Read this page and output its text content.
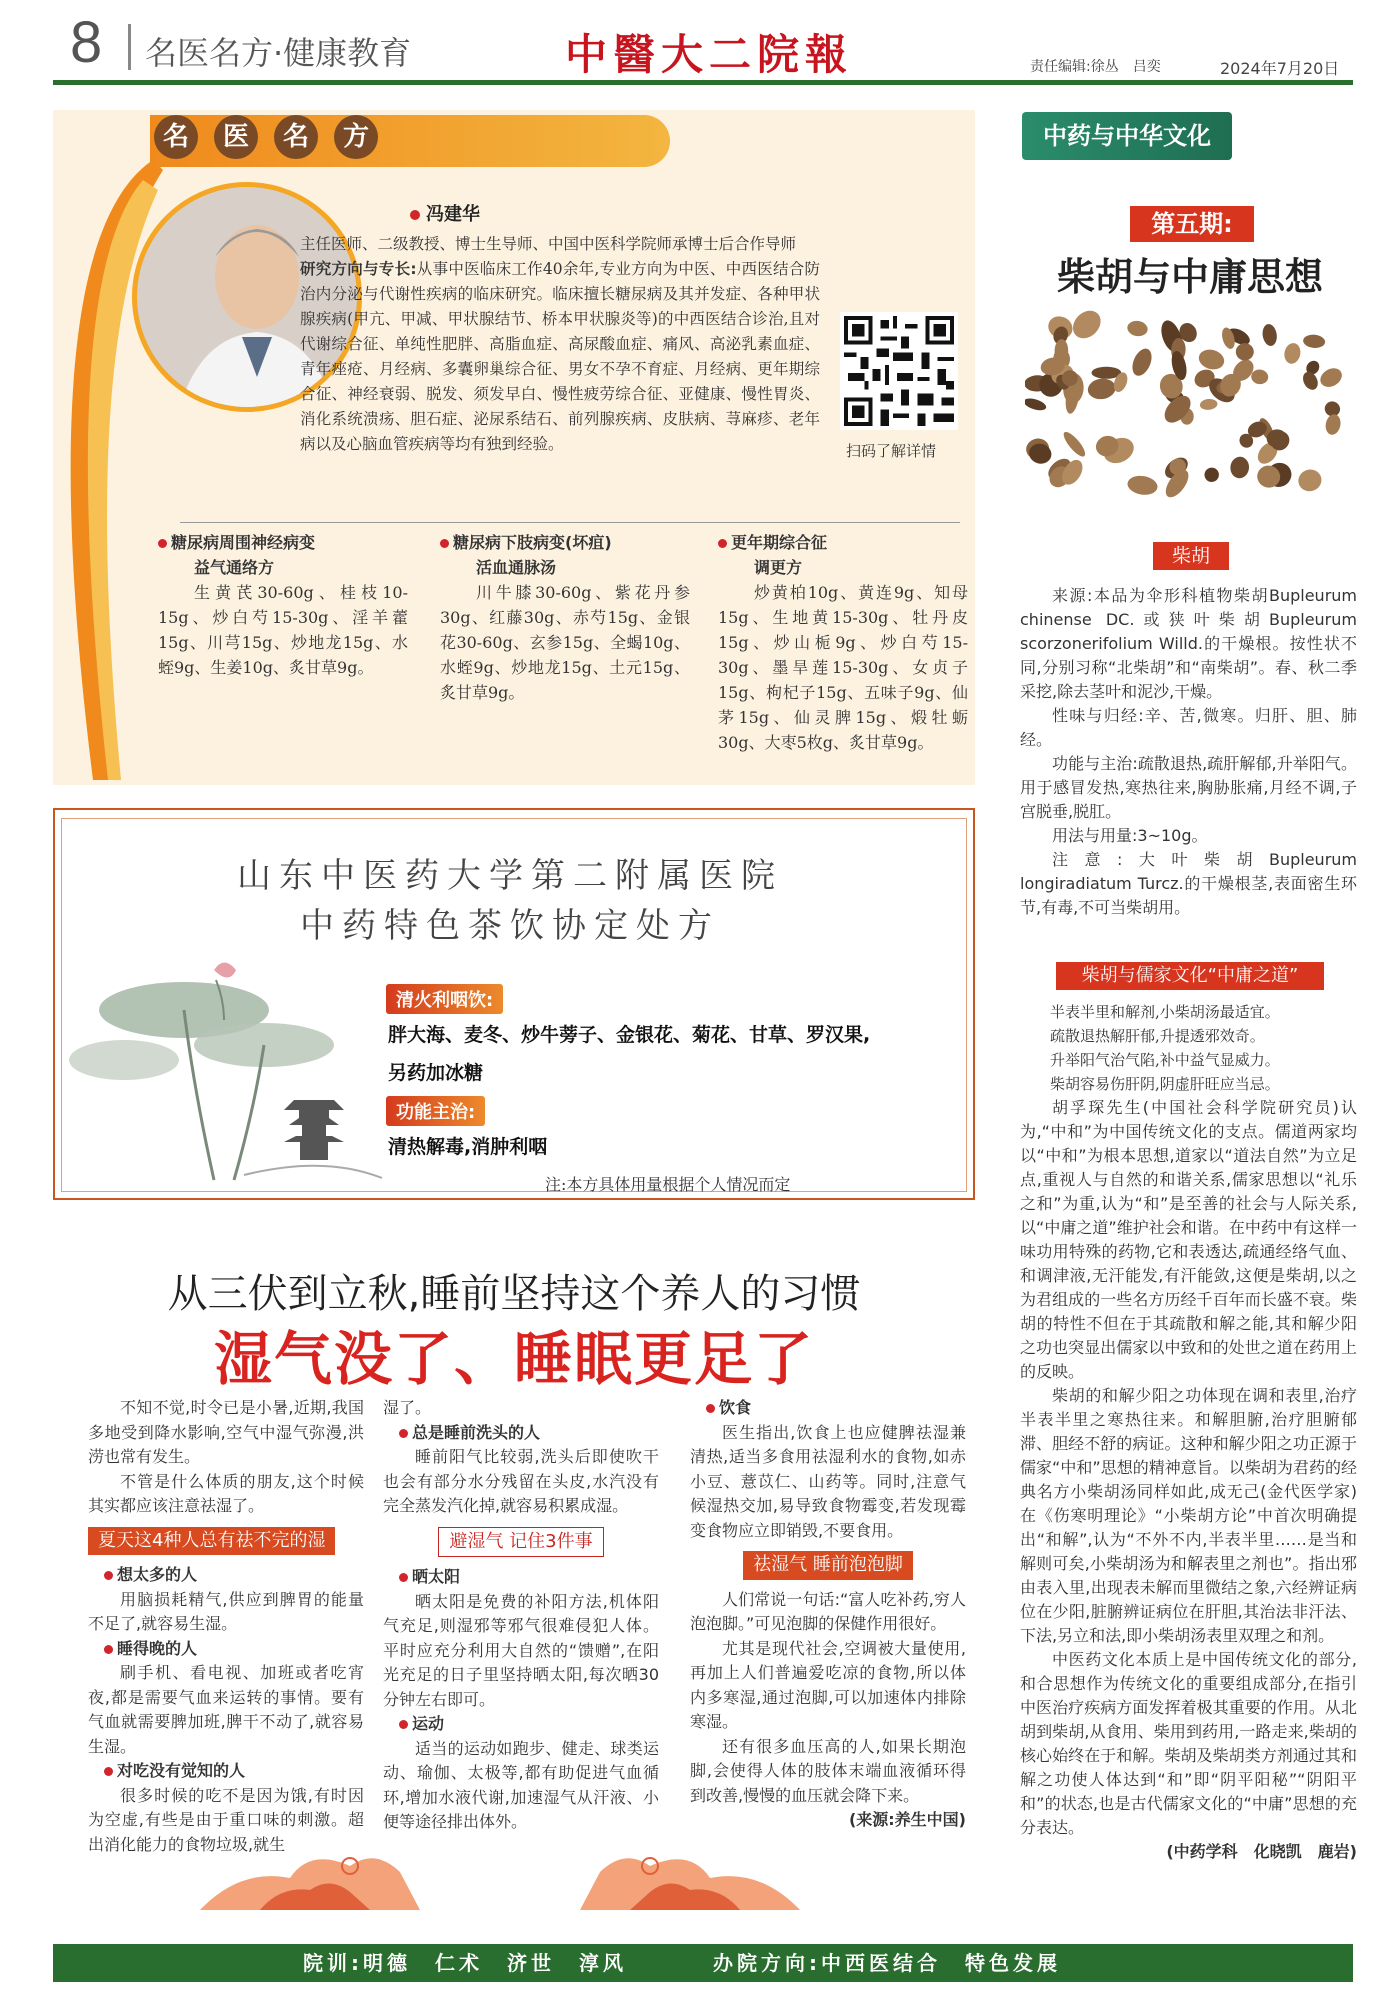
8 名医名方·健康教育	中醫大二院報	责任编辑:徐丛　吕奕	2024年7月20日
名	医	名	方
冯建华
主任医师、二级教授、博士生导师、中国中医科学院师承博士后合作导师
研究方向与专长:从事中医临床工作40余年,专业方向为中医、中西医结合防治内分泌与代谢性疾病的临床研究。临床擅长糖尿病及其并发症、各种甲状腺疾病(甲亢、甲减、甲状腺结节、桥本甲状腺炎等)的中西医结合诊治,且对代谢综合征、单纯性肥胖、高脂血症、高尿酸血症、痛风、高泌乳素血症、青年痤疮、月经病、多囊卵巢综合征、男女不孕不育症、月经病、更年期综合征、神经衰弱、脱发、须发早白、慢性疲劳综合征、亚健康、慢性胃炎、消化系统溃疡、胆石症、泌尿系结石、前列腺疾病、皮肤病、荨麻疹、老年病以及心脑血管疾病等均有独到经验。	扫码了解详情
糖尿病周围神经病变
益气通络方
生黄芪30-60g、桂枝10-15g、炒白芍15-30g、淫羊藿15g、川芎15g、炒地龙15g、水蛭9g、生姜10g、炙甘草9g。
糖尿病下肢病变(坏疽)
活血通脉汤
川牛膝30-60g、紫花丹参30g、红藤30g、赤芍15g、金银花30-60g、玄参15g、全蝎10g、水蛭9g、炒地龙15g、土元15g、炙甘草9g。
更年期综合征
调更方
炒黄柏10g、黄连9g、知母15g、生地黄15-30g、牡丹皮15g、炒山栀9g、炒白芍15-30g、墨旱莲15-30g、女贞子15g、枸杞子15g、五味子9g、仙茅15g、仙灵脾15g、煅牡蛎30g、大枣5枚g、炙甘草9g。
山东中医药大学第二附属医院
中药特色茶饮协定处方
清火利咽饮:
胖大海、麦冬、炒牛蒡子、金银花、菊花、甘草、罗汉果,
另药加冰糖
功能主治:
清热解毒,消肿利咽
注:本方具体用量根据个人情况而定
从三伏到立秋,睡前坚持这个养人的习惯
湿气没了、睡眠更足了

不知不觉,时令已是小暑,近期,我国多地受到降水影响,空气中湿气弥漫,洪涝也常有发生。

不管是什么体质的朋友,这个时候其实都应该注意祛湿了。

夏天这4种人总有祛不完的湿

想太多的人

用脑损耗精气,供应到脾胃的能量不足了,就容易生湿。

睡得晚的人

刷手机、看电视、加班或者吃宵夜,都是需要气血来运转的事情。要有气血就需要脾加班,脾干不动了,就容易生湿。

对吃没有觉知的人

很多时候的吃不是因为饿,有时因为空虚,有些是由于重口味的刺激。超出消化能力的食物垃圾,就生

湿了。

总是睡前洗头的人

睡前阳气比较弱,洗头后即使吹干也会有部分水分残留在头皮,水汽没有完全蒸发汽化掉,就容易积累成湿。

避湿气 记住3件事

晒太阳

晒太阳是免费的补阳方法,机体阳气充足,则湿邪等邪气很难侵犯人体。平时应充分利用大自然的“馈赠”,在阳光充足的日子里坚持晒太阳,每次晒30分钟左右即可。

运动

适当的运动如跑步、健走、球类运动、瑜伽、太极等,都有助促进气血循环,增加水液代谢,加速湿气从汗液、小便等途径排出体外。

饮食

医生指出,饮食上也应健脾祛湿兼清热,适当多食用祛湿利水的食物,如赤小豆、薏苡仁、山药等。同时,注意气候湿热交加,易导致食物霉变,若发现霉变食物应立即销毁,不要食用。

祛湿气 睡前泡泡脚

人们常说一句话:“富人吃补药,穷人泡泡脚。”可见泡脚的保健作用很好。

尤其是现代社会,空调被大量使用,再加上人们普遍爱吃凉的食物,所以体内多寒湿,通过泡脚,可以加速体内排除寒湿。

还有很多血压高的人,如果长期泡脚,会使得人体的肢体末端血液循环得到改善,慢慢的血压就会降下来。

(来源:养生中国)

中药与中华文化
第五期:
柴胡与中庸思想
柴胡

来源:本品为伞形科植物柴胡Bupleurum chinense DC.或狭叶柴胡Bupleurum scorzonerifolium Willd.的干燥根。按性状不同,分别习称“北柴胡”和“南柴胡”。春、秋二季采挖,除去茎叶和泥沙,干燥。

性味与归经:辛、苦,微寒。归肝、胆、肺经。

功能与主治:疏散退热,疏肝解郁,升举阳气。用于感冒发热,寒热往来,胸胁胀痛,月经不调,子宫脱垂,脱肛。

用法与用量:3~10g。

注意:大叶柴胡Bupleurum longiradiatum Turcz.的干燥根茎,表面密生环节,有毒,不可当柴胡用。

柴胡与儒家文化“中庸之道”

半表半里和解剂,小柴胡汤最适宜。

疏散退热解肝郁,升提透邪效奇。

升举阳气治气陷,补中益气显威力。

柴胡容易伤肝阴,阴虚肝旺应当忌。

胡孚琛先生(中国社会科学院研究员)认为,“中和”为中国传统文化的支点。儒道两家均以“中和”为根本思想,道家以“道法自然”为立足点,重视人与自然的和谐关系,儒家思想以“礼乐之和”为重,认为“和”是至善的社会与人际关系,以“中庸之道”维护社会和谐。在中药中有这样一味功用特殊的药物,它和表透达,疏通经络气血、和调津液,无汗能发,有汗能敛,这便是柴胡,以之为君组成的一些名方历经千百年而长盛不衰。柴胡的特性不但在于其疏散和解之能,其和解少阳之功也突显出儒家以中致和的处世之道在药用上的反映。

柴胡的和解少阳之功体现在调和表里,治疗半表半里之寒热往来。和解胆腑,治疗胆腑郁滞、胆经不舒的病证。这种和解少阳之功正源于儒家“中和”思想的精神意旨。以柴胡为君药的经典名方小柴胡汤同样如此,成无己(金代医学家)在《伤寒明理论》“小柴胡方论”中首次明确提出“和解”,认为“不外不内,半表半里……是当和解则可矣,小柴胡汤为和解表里之剂也”。指出邪由表入里,出现表未解而里微结之象,六经辨证病位在少阳,脏腑辨证病位在肝胆,其治法非汗法、下法,另立和法,即小柴胡汤表里双理之和剂。

中医药文化本质上是中国传统文化的部分,和合思想作为传统文化的重要组成部分,在指引中医治疗疾病方面发挥着极其重要的作用。从北胡到柴胡,从食用、柴用到药用,一路走来,柴胡的核心始终在于和解。柴胡及柴胡类方剂通过其和解之功使人体达到“和”即“阴平阳秘”“阴阳平和”的状态,也是古代儒家文化的“中庸”思想的充分表达。

(中药学科　化晓凯　鹿岩)

院训:明德　仁术　济世　淳风	办院方向:中西医结合　特色发展
